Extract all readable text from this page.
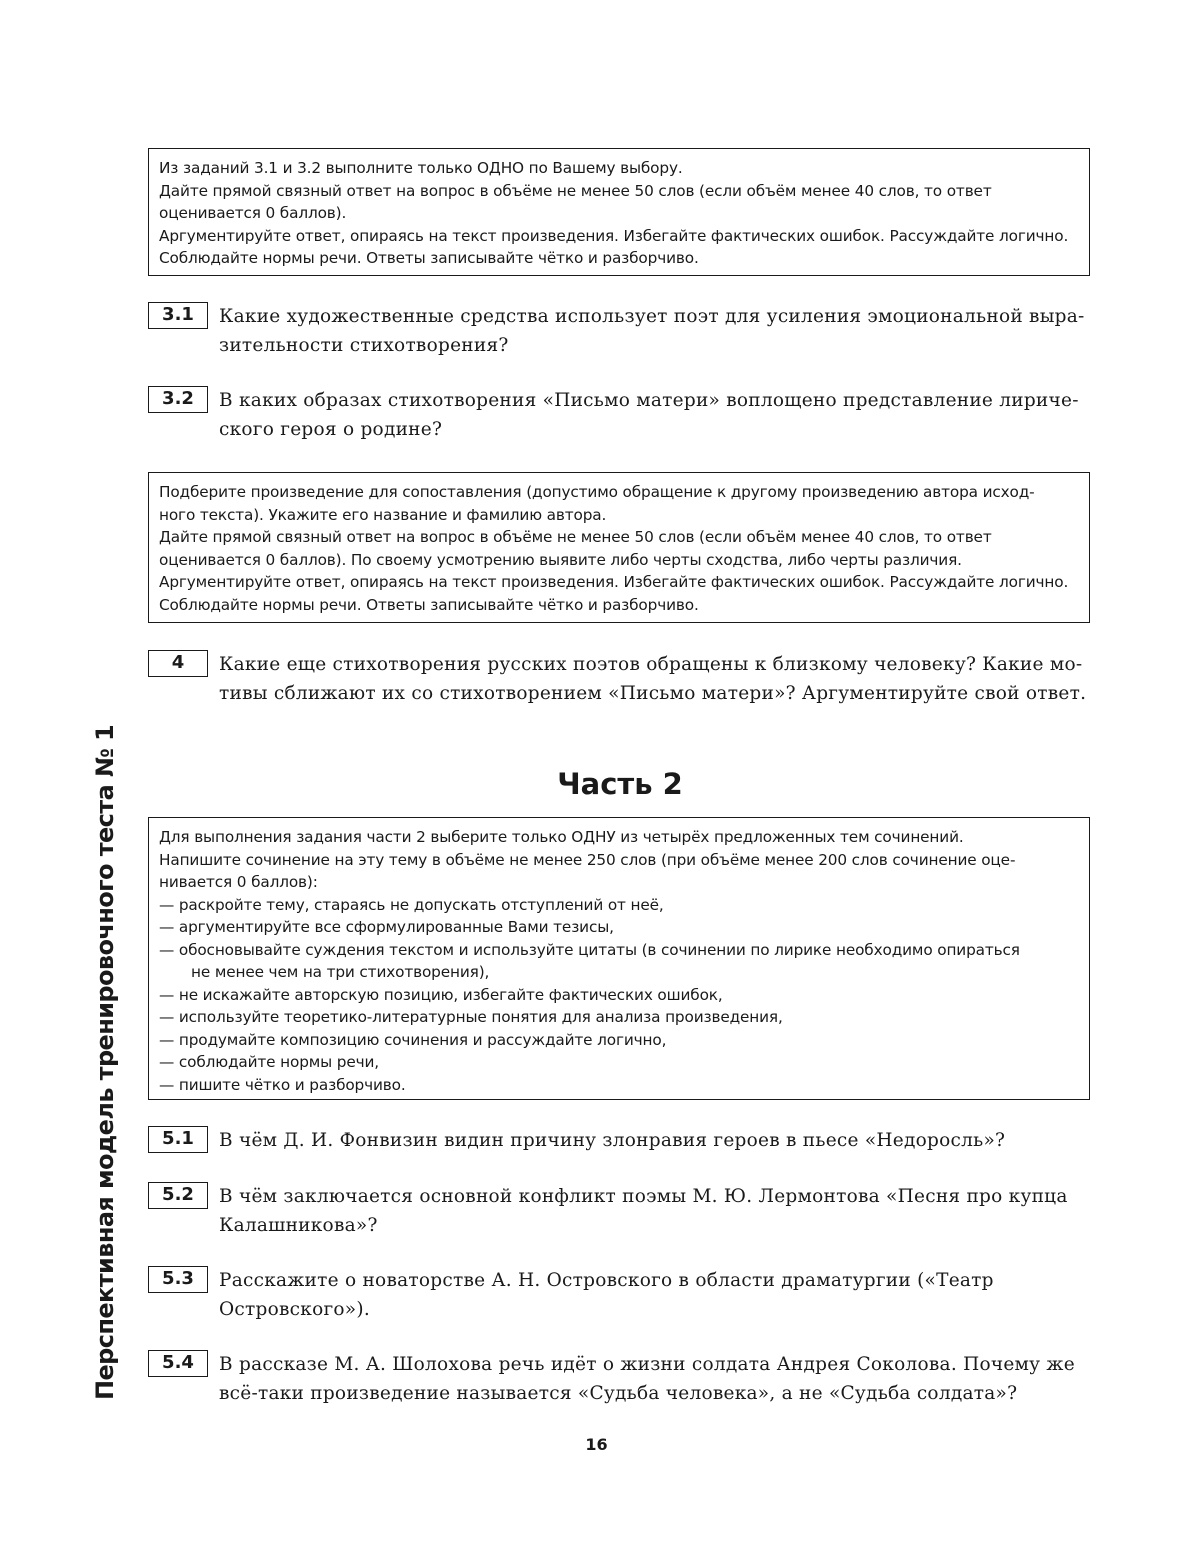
Из заданий 3.1 и 3.2 выполните только ОДНО по Вашему выбору.
Дайте прямой связный ответ на вопрос в объёме не менее 50 слов (если объём менее 40 слов, то ответ
оценивается 0 баллов).
Аргументируйте ответ, опираясь на текст произведения. Избегайте фактических ошибок. Рассуждайте логично.
Соблюдайте нормы речи. Ответы записывайте чётко и разборчиво.
3.1	Какие художественные средства использует поэт для усиления эмоциональной выра-
зительности стихотворения?
3.2	В каких образах стихотворения «Письмо матери» воплощено представление лириче-
ского героя о родине?
Подберите произведение для сопоставления (допустимо обращение к другому произведению автора исход-
ного текста). Укажите его название и фамилию автора.
Дайте прямой связный ответ на вопрос в объёме не менее 50 слов (если объём менее 40 слов, то ответ
оценивается 0 баллов). По своему усмотрению выявите либо черты сходства, либо черты различия.
Аргументируйте ответ, опираясь на текст произведения. Избегайте фактических ошибок. Рассуждайте логично.
Соблюдайте нормы речи. Ответы записывайте чётко и разборчиво.
4	Какие еще стихотворения русских поэтов обращены к близкому человеку? Какие мо-
тивы сближают их со стихотворением «Письмо матери»? Аргументируйте свой ответ.
Часть 2
Для выполнения задания части 2 выберите только ОДНУ из четырёх предложенных тем сочинений.
Напишите сочинение на эту тему в объёме не менее 250 слов (при объёме менее 200 слов сочинение оце-
нивается 0 баллов):
— раскройте тему, стараясь не допускать отступлений от неё,
— аргументируйте все сформулированные Вами тезисы,
— обосновывайте суждения текстом и используйте цитаты (в сочинении по лирике необходимо опираться
не менее чем на три стихотворения),
— не искажайте авторскую позицию, избегайте фактических ошибок,
— используйте теоретико-литературные понятия для анализа произведения,
— продумайте композицию сочинения и рассуждайте логично,
— соблюдайте нормы речи,
— пишите чётко и разборчиво.
5.1	В чём Д. И. Фонвизин видин причину злонравия героев в пьесе «Недоросль»?
5.2	В чём заключается основной конфликт поэмы М. Ю. Лермонтова «Песня про купца
Калашникова»?
5.3	Расскажите о новаторстве А. Н. Островского в области драматургии («Театр
Островского»).
5.4	В рассказе М. А. Шолохова речь идёт о жизни солдата Андрея Соколова. Почему же
всё-таки произведение называется «Судьба человека», а не «Судьба солдата»?
Перспективная модель тренировочного теста № 1
16
